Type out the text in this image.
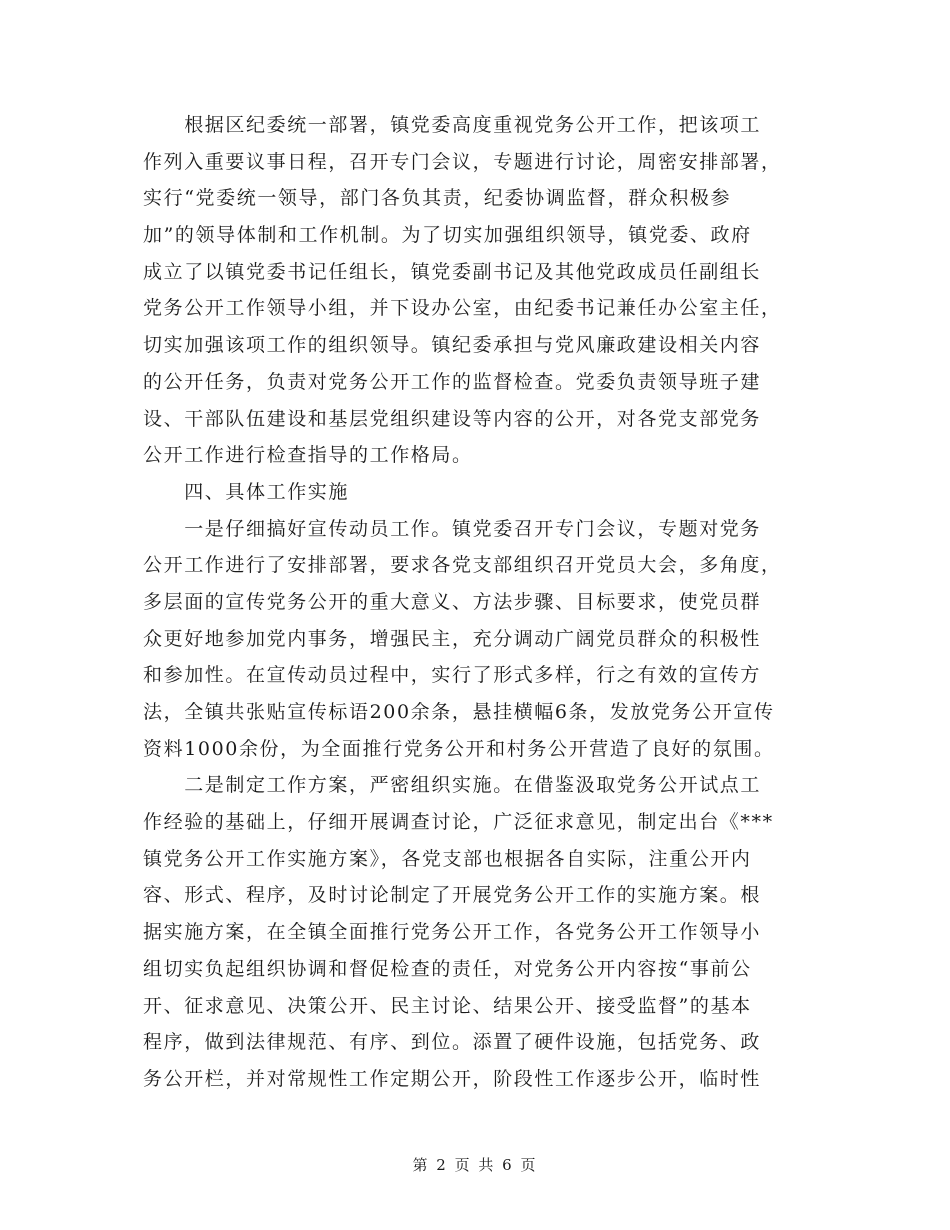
　　根据区纪委统一部署，镇党委高度重视党务公开工作，把该项工
作列入重要议事日程，召开专门会议，专题进行讨论，周密安排部署，
实行“党委统一领导，部门各负其责，纪委协调监督，群众积极参
加”的领导体制和工作机制。为了切实加强组织领导，镇党委、政府
成立了以镇党委书记任组长，镇党委副书记及其他党政成员任副组长
党务公开工作领导小组，并下设办公室，由纪委书记兼任办公室主任，
切实加强该项工作的组织领导。镇纪委承担与党风廉政建设相关内容
的公开任务，负责对党务公开工作的监督检查。党委负责领导班子建
设、干部队伍建设和基层党组织建设等内容的公开，对各党支部党务
公开工作进行检查指导的工作格局。
　　四、具体工作实施
　　一是仔细搞好宣传动员工作。镇党委召开专门会议，专题对党务
公开工作进行了安排部署，要求各党支部组织召开党员大会，多角度，
多层面的宣传党务公开的重大意义、方法步骤、目标要求，使党员群
众更好地参加党内事务，增强民主，充分调动广阔党员群众的积极性
和参加性。在宣传动员过程中，实行了形式多样，行之有效的宣传方
法，全镇共张贴宣传标语200余条，悬挂横幅6条，发放党务公开宣传
资料1000余份，为全面推行党务公开和村务公开营造了良好的氛围。
　　二是制定工作方案，严密组织实施。在借鉴汲取党务公开试点工
作经验的基础上，仔细开展调查讨论，广泛征求意见，制定出台《***
镇党务公开工作实施方案》，各党支部也根据各自实际，注重公开内
容、形式、程序，及时讨论制定了开展党务公开工作的实施方案。根
据实施方案，在全镇全面推行党务公开工作，各党务公开工作领导小
组切实负起组织协调和督促检查的责任，对党务公开内容按“事前公
开、征求意见、决策公开、民主讨论、结果公开、接受监督”的基本
程序，做到法律规范、有序、到位。添置了硬件设施，包括党务、政
务公开栏，并对常规性工作定期公开，阶段性工作逐步公开，临时性
第 2 页 共 6 页
